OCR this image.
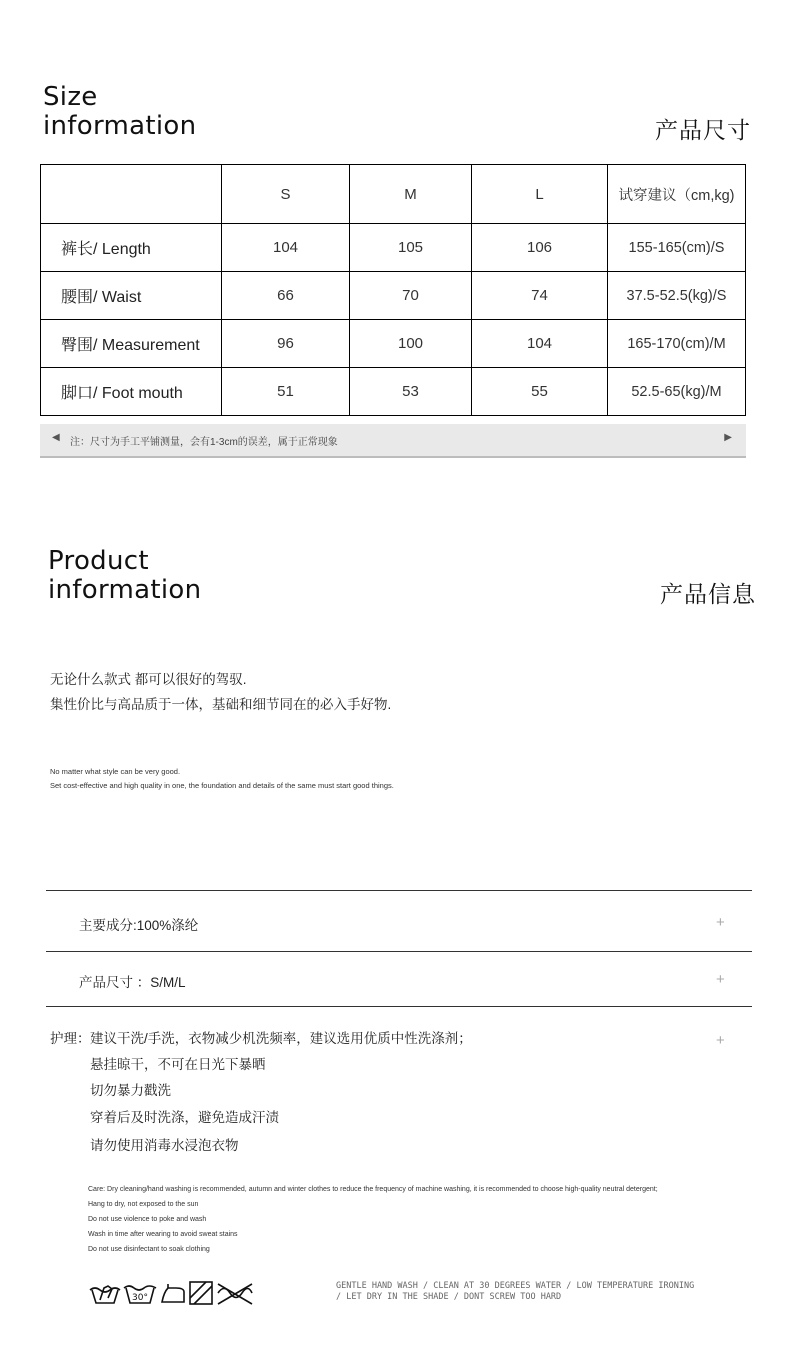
Size
information	产品尺寸
	S	M	L	试穿建议（cm,kg)
裤长/ Length	104	105	106	155-165(cm)/S
腰围/ Waist	66	70	74	37.5-52.5(kg)/S
臀围/ Measurement	96	100	104	165-170(cm)/M
脚口/ Foot mouth	51	53	55	52.5-65(kg)/M
◀ 注：尺寸为手工平铺测量，会有1-3cm的误差，属于正常现象	▶
Product
information	产品信息
无论什么款式 都可以很好的驾驭.
集性价比与高品质于一体，基础和细节同在的必入手好物.
No matter what style can be very good.
Set cost-effective and high quality in one, the foundation and details of the same must start good things.
主要成分:100%涤纶	+
产品尺寸 ：S/M/L	+
护理： 建议干洗/手洗，衣物减少机洗频率，建议选用优质中性洗涤剂；	+
悬挂晾干，不可在日光下暴晒
切勿暴力戳洗
穿着后及时洗涤，避免造成汗渍
请勿使用消毒水浸泡衣物
Care: Dry cleaning/hand washing is recommended, autumn and winter clothes to reduce the frequency of machine washing, it is recommended to choose high-quality neutral detergent;
Hang to dry, not exposed to the sun
Do not use violence to poke and wash
Wash in time after wearing to avoid sweat stains
Do not use disinfectant to soak clothing
30°
GENTLE HAND WASH / CLEAN AT 30 DEGREES WATER / LOW TEMPERATURE IRONING
/ LET DRY IN THE SHADE / DONT SCREW TOO HARD
